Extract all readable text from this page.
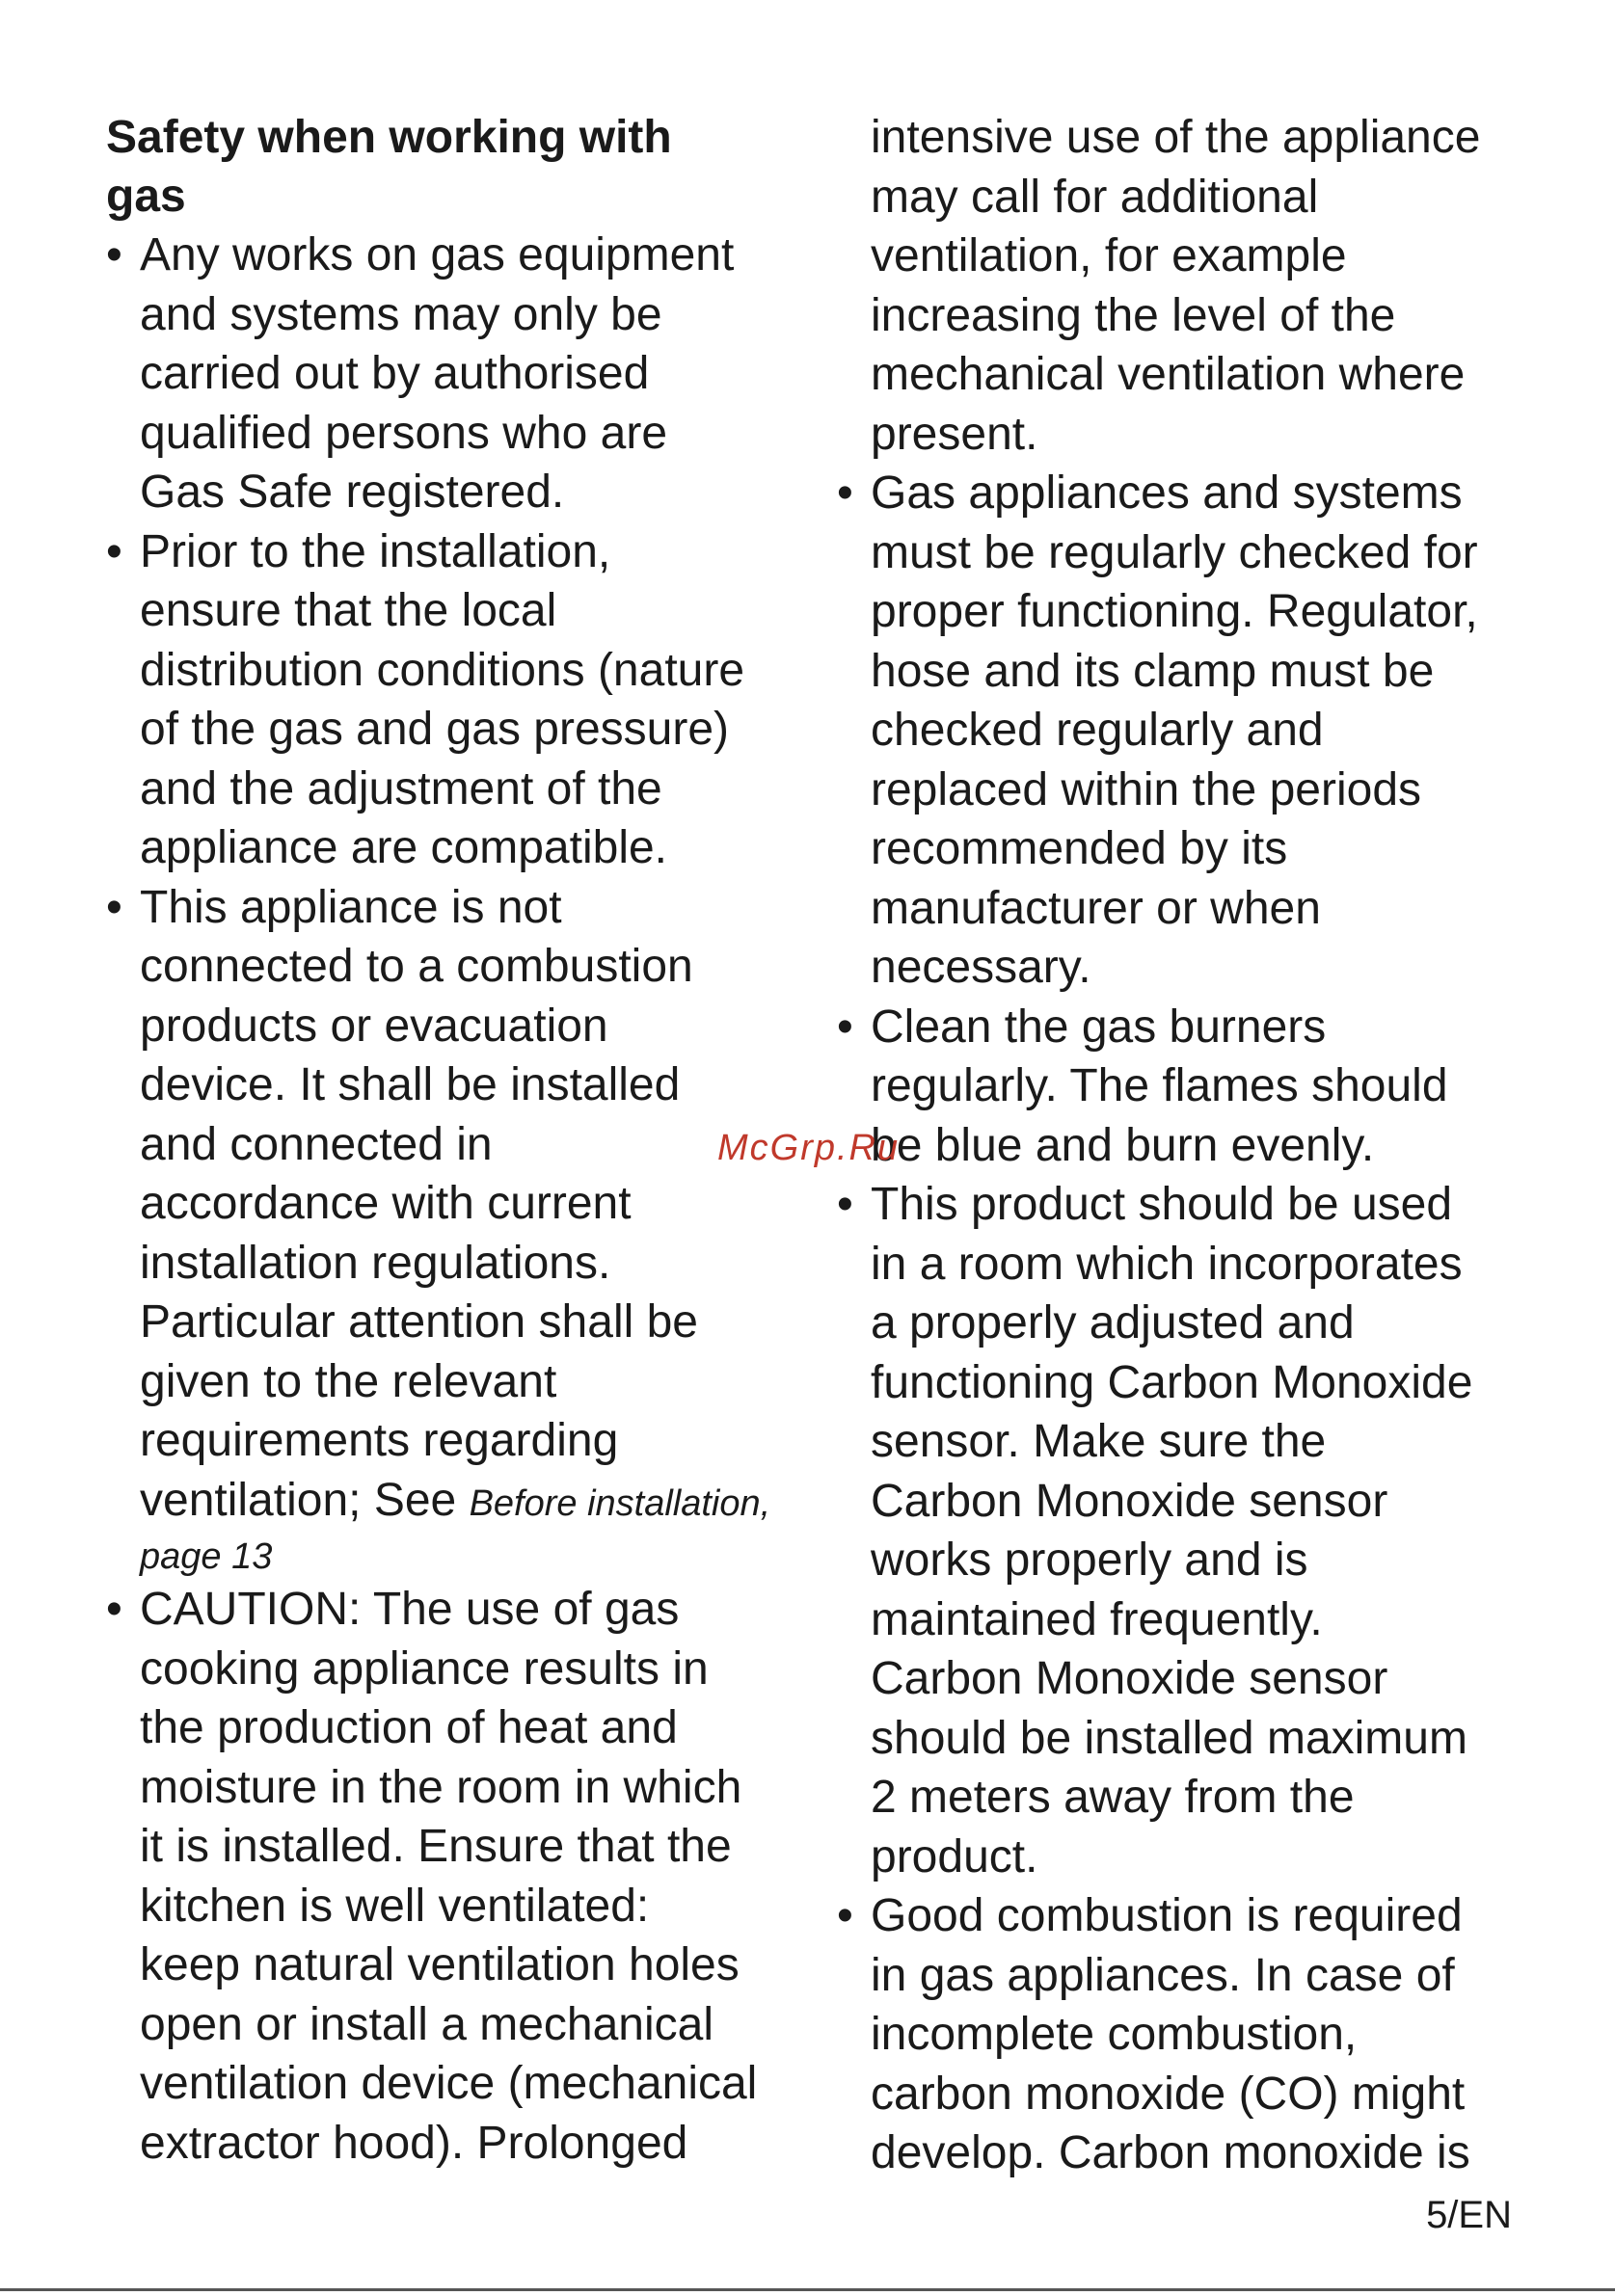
Safety when working with
gas
• Any works on gas equipment
and systems may only be
carried out by authorised
qualified persons who are
Gas Safe registered.
• Prior to the installation,
ensure that the local
distribution conditions (nature
of the gas and gas pressure)
and the adjustment of the
appliance are compatible.
• This appliance is not
connected to a combustion
products or evacuation
device. It shall be installed
and connected in
accordance with current
installation regulations.
Particular attention shall be
given to the relevant
requirements regarding
ventilation; See Before installation,
page 13
• CAUTION: The use of gas
cooking appliance results in
the production of heat and
moisture in the room in which
it is installed. Ensure that the
kitchen is well ventilated:
keep natural ventilation holes
open or install a mechanical
ventilation device (mechanical
extractor hood). Prolonged

intensive use of the appliance
may call for additional
ventilation, for example
increasing the level of the
mechanical ventilation where
present.

• Gas appliances and systems
must be regularly checked for
proper functioning. Regulator,
hose and its clamp must be
checked regularly and
replaced within the periods
recommended by its
manufacturer or when
necessary.
• Clean the gas burners
regularly. The flames should
be blue and burn evenly.
• This product should be used
in a room which incorporates
a properly adjusted and
functioning Carbon Monoxide
sensor. Make sure the
Carbon Monoxide sensor
works properly and is
maintained frequently.
Carbon Monoxide sensor
should be installed maximum
2 meters away from the
product.
• Good combustion is required
in gas appliances. In case of
incomplete combustion,
carbon monoxide (CO) might
develop. Carbon monoxide is
McGrp.Ru
5/EN
